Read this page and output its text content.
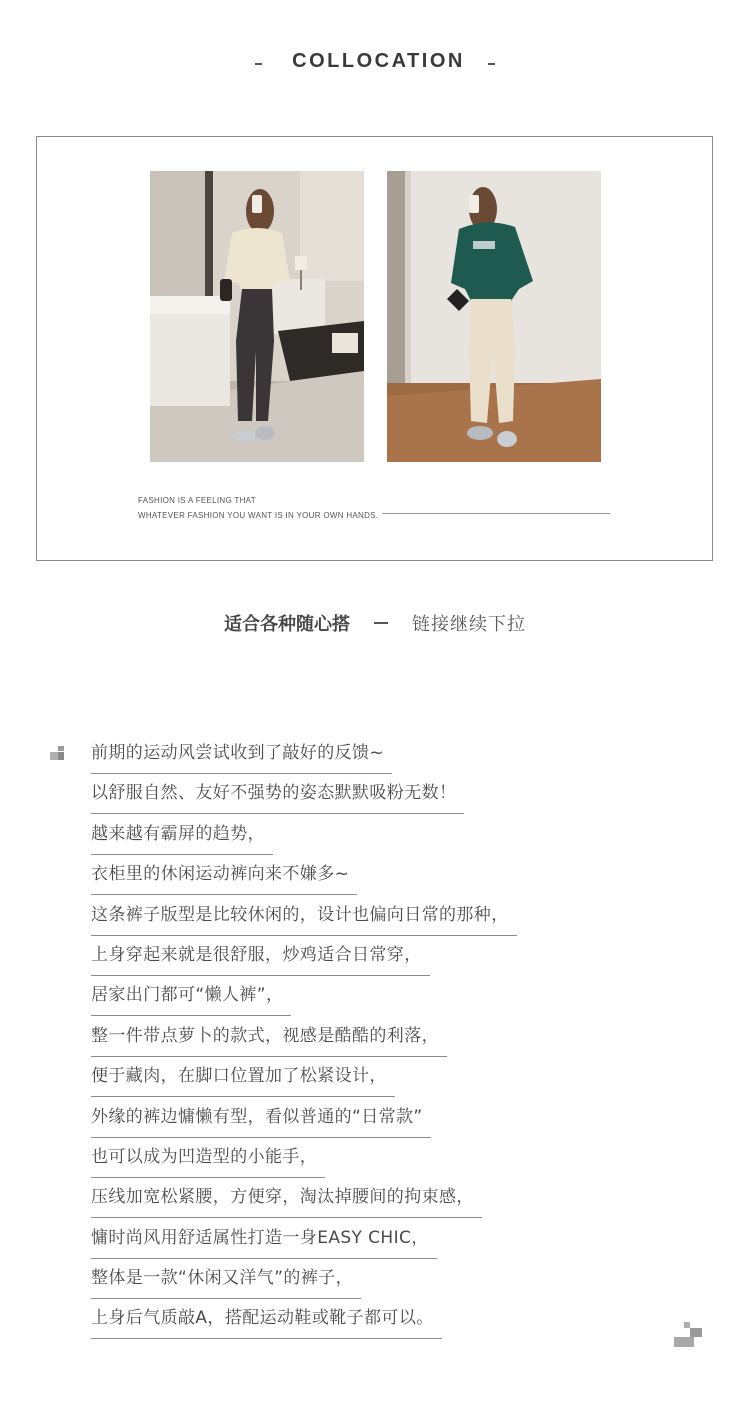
COLLOCATION
FASHION IS A FEELING THAT
WHATEVER FASHION YOU WANT IS IN YOUR OWN HANDS.
适合各种随心搭	链接继续下拉
前期的运动风尝试收到了敲好的反馈~
以舒服自然、友好不强势的姿态默默吸粉无数！
越来越有霸屏的趋势，
衣柜里的休闲运动裤向来不嫌多~
这条裤子版型是比较休闲的，设计也偏向日常的那种，
上身穿起来就是很舒服，炒鸡适合日常穿，
居家出门都可“懒人裤”，
整一件带点萝卜的款式，视感是酷酷的利落，
便于藏肉，在脚口位置加了松紧设计，
外缘的裤边慵懒有型，看似普通的“日常款”
也可以成为凹造型的小能手，
压线加宽松紧腰，方便穿，淘汰掉腰间的拘束感，
慵时尚风用舒适属性打造一身EASY CHIC，
整体是一款“休闲又洋气”的裤子，
上身后气质敲A，搭配运动鞋或靴子都可以。
